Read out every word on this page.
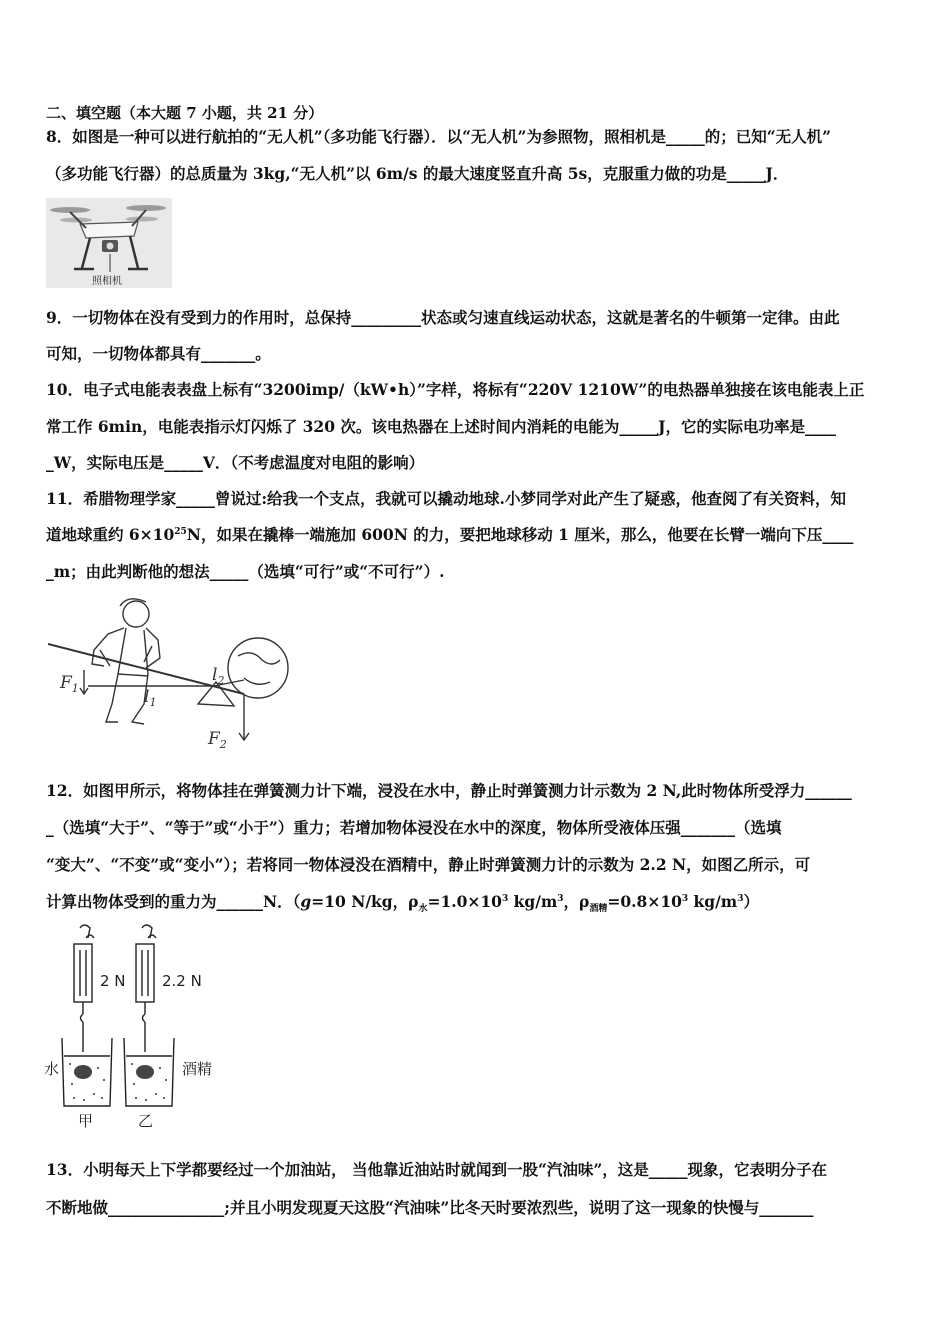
二、填空题（本大题 7 小题，共 21 分）
8．如图是一种可以进行航拍的“无人机”（多功能飞行器）．以“无人机”为参照物，照相机是_____的；已知“无人机”
（多功能飞行器）的总质量为 3kg,“无人机”以 6m/s 的最大速度竖直升高 5s，克服重力做的功是_____J．
照相机
9．一切物体在没有受到力的作用时，总保持_________状态或匀速直线运动状态，这就是著名的牛顿第一定律。由此
可知，一切物体都具有_______。
10．电子式电能表表盘上标有“3200imp/（kW•h）”字样，将标有“220V 1210W”的电热器单独接在该电能表上正
常工作 6min，电能表指示灯闪烁了 320 次。该电热器在上述时间内消耗的电能为_____J，它的实际电功率是____
_W，实际电压是_____V．（不考虑温度对电阻的影响）
11．希腊物理学家_____曾说过:给我一个支点，我就可以撬动地球.小梦同学对此产生了疑惑，他查阅了有关资料，知
道地球重约 $6\times 10^{25}N$，如果在撬棒一端施加 600N 的力，要把地球移动 1 厘米，那么，他要在长臂一端向下压____
_m；由此判断他的想法_____（选填“可行”或“不可行”）.
$F_1$	$l_1$
$l_2$
$F_2$
12．如图甲所示，将物体挂在弹簧测力计下端，浸没在水中，静止时弹簧测力计示数为 2 N,此时物体所受浮力______
_（选填“大于”、“等于”或“小于”）重力；若增加物体浸没在水中的深度，物体所受液体压强_______（选填
“变大”、“不变”或“变小”）；若将同一物体浸没在酒精中，静止时弹簧测力计的示数为 2.2 N，如图乙所示，可
计算出物体受到的重力为______N．（g=10 N/kg，$\rho_水=1.0\times 10^3$ $kg/m^3$，$\rho_{酒精}=0.8\times 10^3$ $kg/m^3$）
2 N 2.2 N
水	酒精
甲	乙
13．小明每天上下学都要经过一个加油站， 当他靠近油站时就闻到一股“汽油味”，这是_____现象，它表明分子在
不断地做_______________;并且小明发现夏天这股“汽油味”比冬天时要浓烈些，说明了这一现象的快慢与_______
